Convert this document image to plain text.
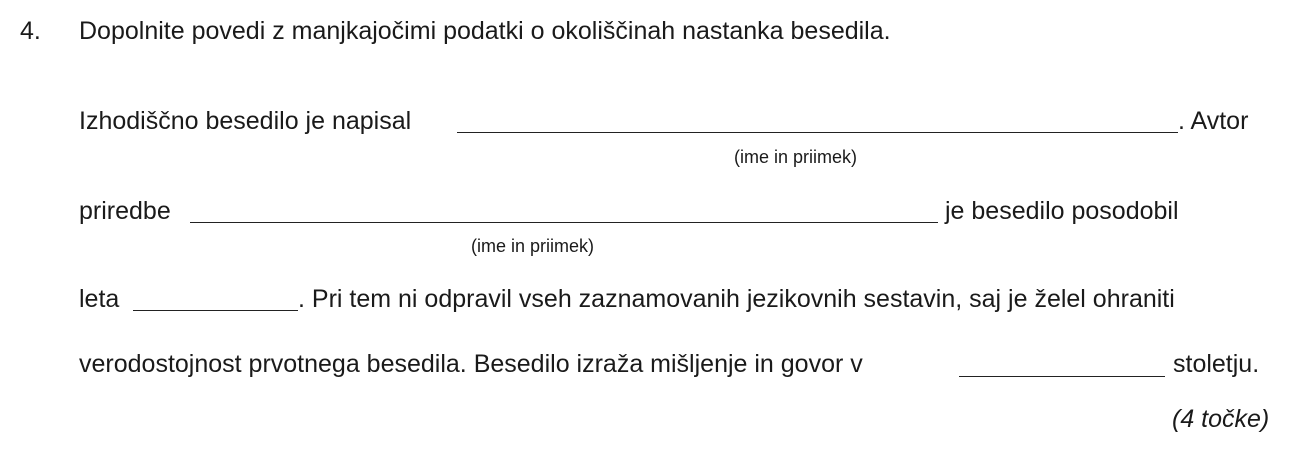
4. Dopolnite povedi z manjkajočimi podatki o okoliščinah nastanka besedila.
Izhodiščno besedilo je napisal	. Avtor
(ime in priimek)
priredbe	je besedilo posodobil
(ime in priimek)
leta	. Pri tem ni odpravil vseh zaznamovanih jezikovnih sestavin, saj je želel ohraniti
verodostojnost prvotnega besedila. Besedilo izraža mišljenje in govor v	stoletju.
(4 točke)
